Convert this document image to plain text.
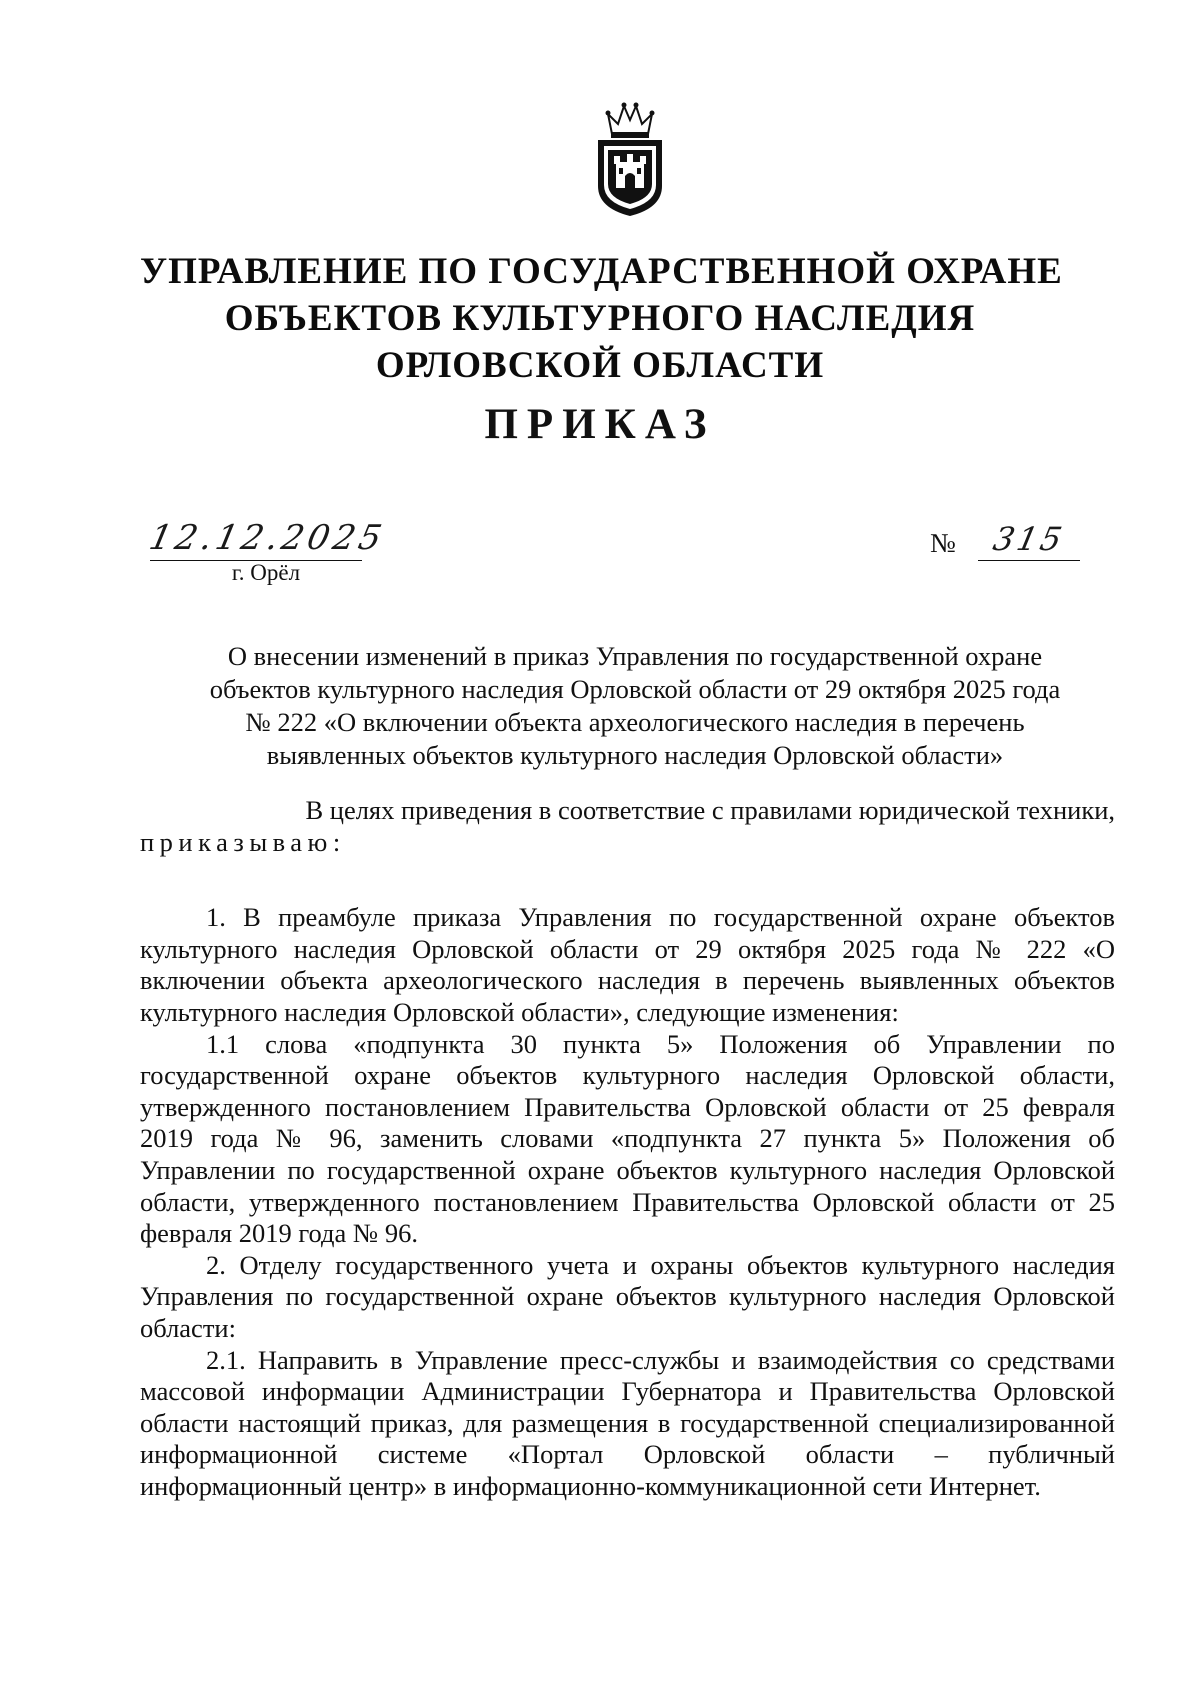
УПРАВЛЕНИЕ ПО ГОСУДАРСТВЕННОЙ ОХРАНЕ
ОБЪЕКТОВ КУЛЬТУРНОГО НАСЛЕДИЯ
ОРЛОВСКОЙ ОБЛАСТИ
ПРИКАЗ
12.12.2025
г. Орёл
№	315
О внесении изменений в приказ Управления по государственной охране
объектов культурного наследия Орловской области от 29 октября 2025 года
№ 222 «О включении объекта археологического наследия в перечень
выявленных объектов культурного наследия Орловской области»
В целях приведения в соответствие с правилами юридической техники,
приказываю:
1. В преамбуле приказа Управления по государственной охране объектов культурного наследия Орловской области от 29 октября 2025 года № 222 «О включении объекта археологического наследия в перечень выявленных объектов культурного наследия Орловской области», следующие изменения:
1.1 слова «подпункта 30 пункта 5» Положения об Управлении по государственной охране объектов культурного наследия Орловской области, утвержденного постановлением Правительства Орловской области от 25 февраля 2019 года № 96, заменить словами «подпункта 27 пункта 5» Положения об Управлении по государственной охране объектов культурного наследия Орловской области, утвержденного постановлением Правительства Орловской области от 25 февраля 2019 года № 96.
2. Отделу государственного учета и охраны объектов культурного наследия Управления по государственной охране объектов культурного наследия Орловской области:
2.1. Направить в Управление пресс-службы и взаимодействия со средствами массовой информации Администрации Губернатора и Правительства Орловской области настоящий приказ, для размещения в государственной специализированной информационной системе «Портал Орловской области – публичный информационный центр» в информационно-коммуникационной сети Интернет.
